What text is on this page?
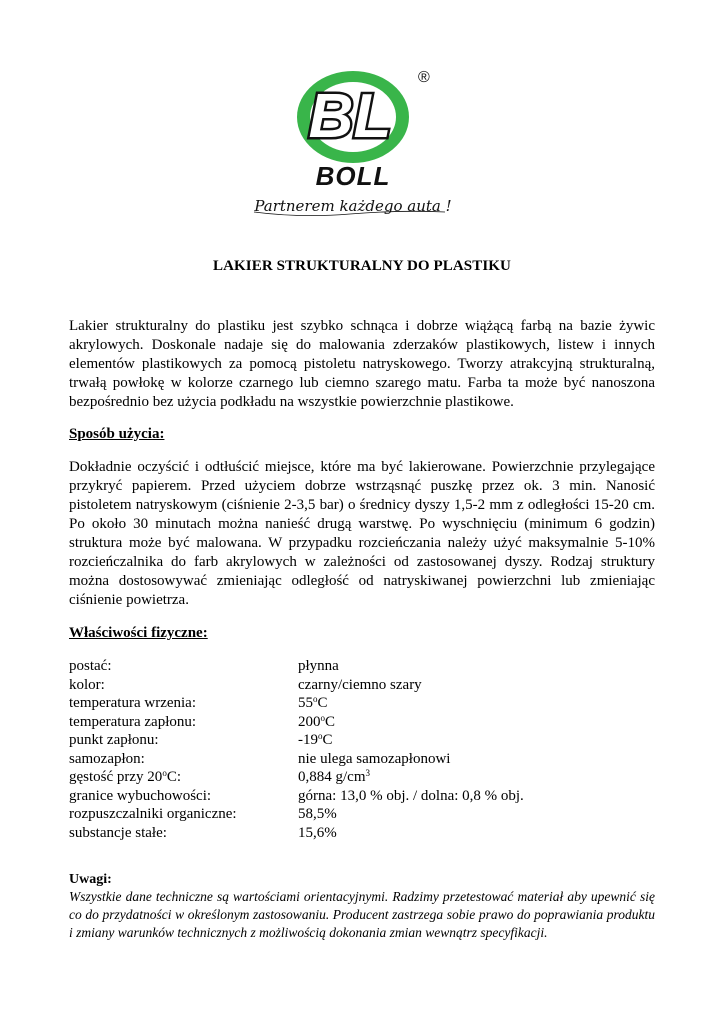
BL
®
BOLL
Partnerem każdego auta !
LAKIER STRUKTURALNY DO PLASTIKU

Lakier strukturalny do plastiku jest szybko schnąca i dobrze wiążącą farbą na bazie żywic akrylowych. Doskonale nadaje się do malowania zderzaków plastikowych, listew i innych elementów plastikowych za pomocą pistoletu natryskowego. Tworzy atrakcyjną strukturalną, trwałą powłokę w kolorze czarnego lub ciemno szarego matu. Farba ta może być nanoszona bezpośrednio bez użycia podkładu na wszystkie powierzchnie plastikowe.

Sposób użycia:

Dokładnie oczyścić i odtłuścić miejsce, które ma być lakierowane. Powierzchnie przylegające przykryć papierem. Przed użyciem dobrze wstrząsnąć puszkę przez ok. 3 min. Nanosić pistoletem natryskowym (ciśnienie 2-3,5 bar) o średnicy dyszy 1,5-2 mm z odległości 15-20 cm. Po około 30 minutach można nanieść drugą warstwę. Po wyschnięciu (minimum 6 godzin) struktura może być malowana. W przypadku rozcieńczania należy użyć maksymalnie 5-10% rozcieńczalnika do farb akrylowych w zależności od zastosowanej dyszy. Rodzaj struktury można dostosowywać zmieniając odległość od natryskiwanej powierzchni lub zmieniając ciśnienie powietrza.

Właściwości fizyczne:

postać:	płynna
kolor:	czarny/ciemno szary
temperatura wrzenia:	55$^o$C
temperatura zapłonu:	200$^o$C
punkt zapłonu:	-19$^o$C
samozapłon:	nie ulega samozapłonowi
gęstość przy 20$^o$C:	0,884 $g/cm^3$
granice wybuchowości:	górna: 13,0 % obj. / dolna: 0,8 % obj.
rozpuszczalniki organiczne:	58,5%
substancje stałe:	15,6%

Uwagi:

Wszystkie dane techniczne są wartościami orientacyjnymi. Radzimy przetestować materiał aby upewnić się co do przydatności w określonym zastosowaniu. Producent zastrzega sobie prawo do poprawiania produktu i zmiany warunków technicznych z możliwością dokonania zmian wewnątrz specyfikacji.
